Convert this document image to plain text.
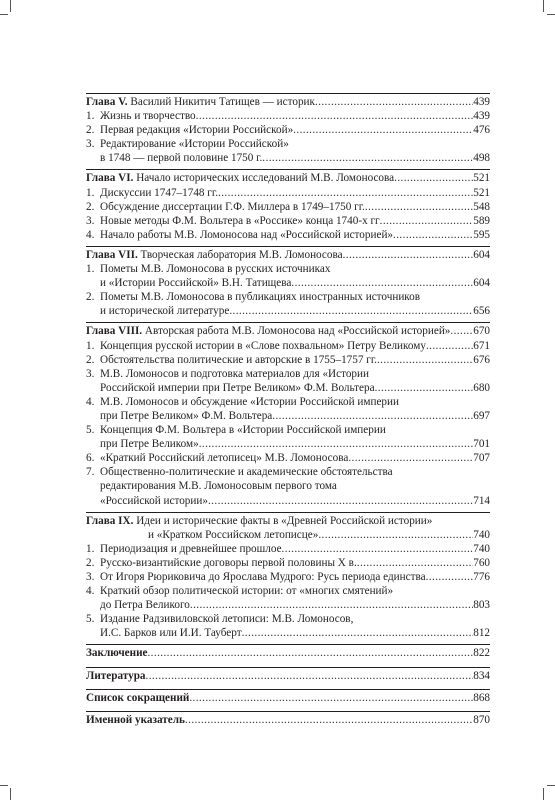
Глава V. Василий Никитич Татищев — историк .....	439
1. Жизнь и творчество .....	439
2. Первая редакция «Истории Российской» .....	476
3. Редактирование «Истории Российской»
в 1748 — первой половине 1750 г. .....	498
Глава VI. Начало исторических исследований М.В. Ломоносова .....	521
1. Дискуссии 1747–1748 гг. .....	521
2. Обсуждение диссертации Г.Ф. Миллера в 1749–1750 гг. .....	548
3. Новые методы Ф.М. Вольтера в «Россике» конца 1740-х гг .....	589
4. Начало работы М.В. Ломоносова над «Российской историей» .....	595
Глава VII. Творческая лаборатория М.В. Ломоносова .....	604
1. Пометы М.В. Ломоносова в русских источниках
и «Истории Российской» В.Н. Татищева .....	604
2. Пометы М.В. Ломоносова в публикациях иностранных источников
и исторической литературе .....	656
Глава VIII. Авторская работа М.В. Ломоносова над «Российской историей» ..... 670
1. Концепция русской истории в «Слове похвальном» Петру Великому .....	671
2. Обстоятельства политические и авторские в 1755–1757 гг. .....	676
3. М.В. Ломоносов и подготовка материалов для «Истории
Российской империи при Петре Великом» Ф.М. Вольтера .....	680
4. М.В. Ломоносов и обсуждение «Истории Российской империи
при Петре Великом» Ф.М. Вольтера .....	697
5. Концепция Ф.М. Вольтера в «Истории Российской империи
при Петре Великом» .....	701
6. «Краткий Российский летописец» М.В. Ломоносова .....	707
7. Общественно-политические и академические обстоятельства
редактирования М.В. Ломоносовым первого тома
«Российской истории» .....	714
Глава IX. Идеи и исторические факты в «Древней Российской истории»
и «Кратком Российском летописце» .....	740
1. Периодизация и древнейшее прошлое .....	740
2. Русско-византийские договоры первой половины X в. .....	760
3. От Игоря Рюриковича до Ярослава Мудрого: Русь периода единства .....	776
4. Краткий обзор политической истории: от «многих смятений»
до Петра Великого .....	803
5. Издание Радзивиловской летописи: М.В. Ломоносов,
И.С. Барков или И.И. Тауберт .....	812
Заключение .....	822
Литература .....	834
Список сокращений .....	868
Именной указатель .....	870
